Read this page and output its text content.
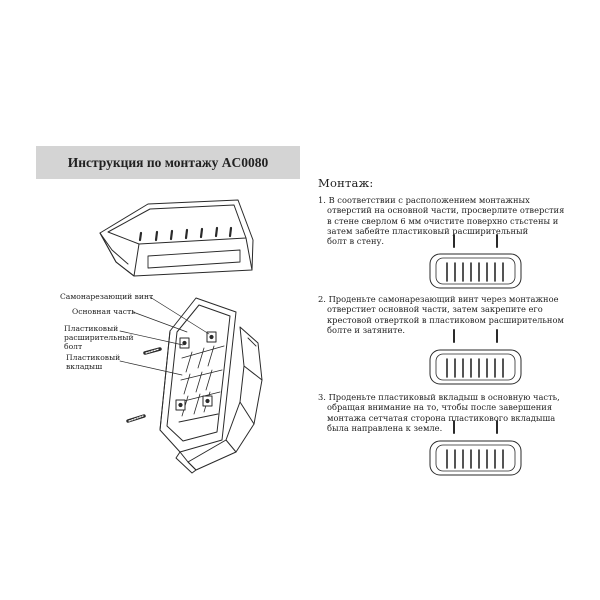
Инструкция по монтажу AC0080
Монтаж:
1. В соответствии с расположением монтажных
отверстий на основной части, просверлите отверстия
в стене сверлом 6 мм очистите поверхно стьстены и
затем забейте пластиковый расширительный
болт в стену.
2. Проденьте самонарезающий винт через монтажное
отверстиет основной части, затем закрепите его
крестовой отверткой в пластиковом расширительном
болте и затяните.
3. Проденьте пластиковый вкладыш в основную часть,
обращая внимание на то, чтобы после завершения
монтажа сетчатая сторона пластикового вкладыша
была направлена к земле.
Самонарезающий винт
Основная часть
Пластиковый
расширительный
болт
Пластиковый
вкладыш
